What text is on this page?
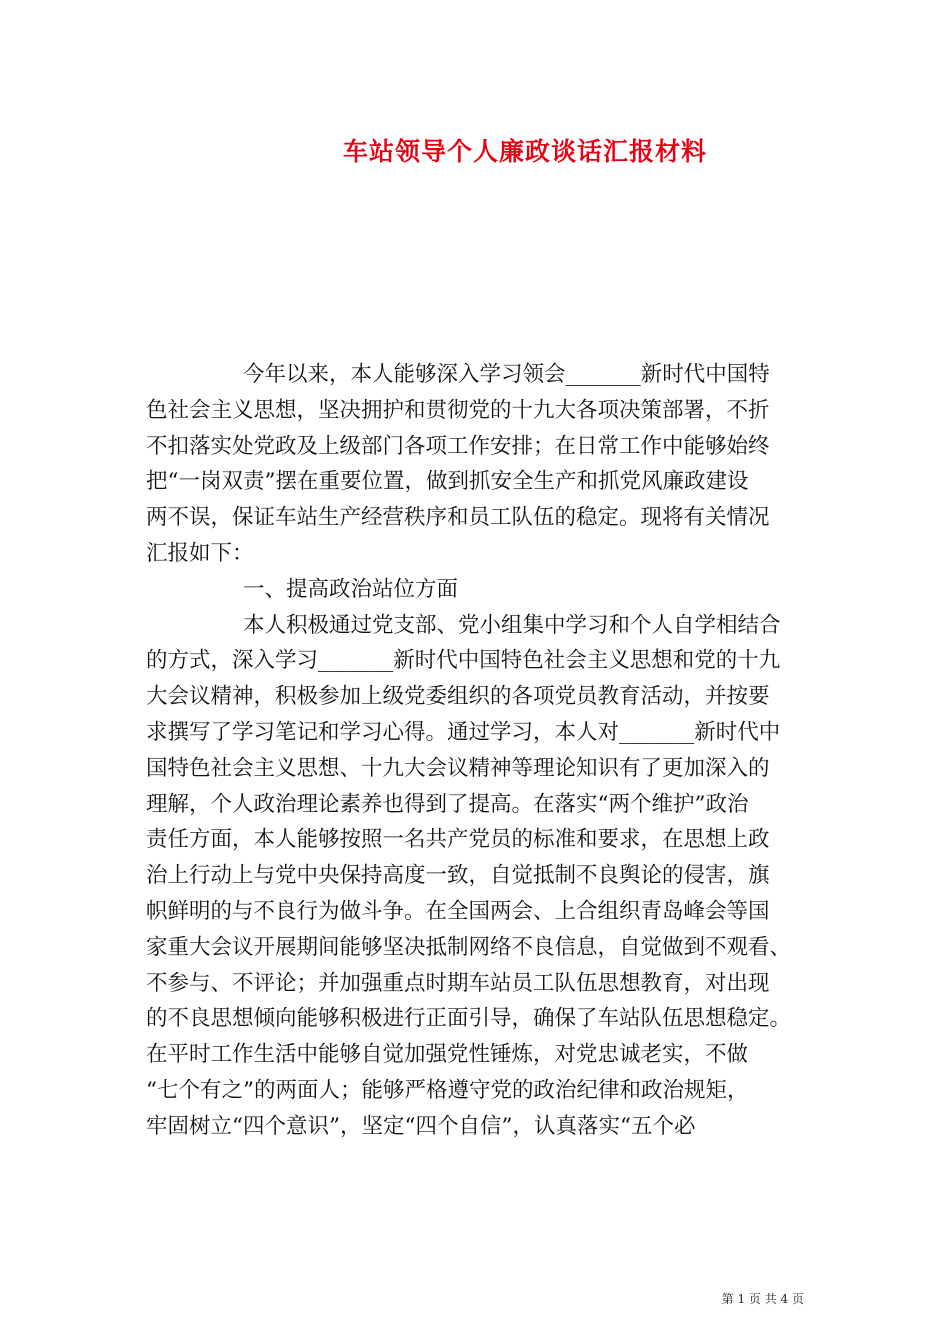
车站领导个人廉政谈话汇报材料
今年以来，本人能够深入学习领会_______新时代中国特
色社会主义思想，坚决拥护和贯彻党的十九大各项决策部署，不折
不扣落实处党政及上级部门各项工作安排；在日常工作中能够始终
把“一岗双责”摆在重要位置，做到抓安全生产和抓党风廉政建设
两不误，保证车站生产经营秩序和员工队伍的稳定。现将有关情况
汇报如下：
一、提高政治站位方面
本人积极通过党支部、党小组集中学习和个人自学相结合
的方式，深入学习_______新时代中国特色社会主义思想和党的十九
大会议精神，积极参加上级党委组织的各项党员教育活动，并按要
求撰写了学习笔记和学习心得。通过学习，本人对_______新时代中
国特色社会主义思想、十九大会议精神等理论知识有了更加深入的
理解，个人政治理论素养也得到了提高。在落实“两个维护”政治
责任方面，本人能够按照一名共产党员的标准和要求，在思想上政
治上行动上与党中央保持高度一致，自觉抵制不良舆论的侵害，旗
帜鲜明的与不良行为做斗争。在全国两会、上合组织青岛峰会等国
家重大会议开展期间能够坚决抵制网络不良信息，自觉做到不观看、
不参与、不评论；并加强重点时期车站员工队伍思想教育，对出现
的不良思想倾向能够积极进行正面引导，确保了车站队伍思想稳定。
在平时工作生活中能够自觉加强党性锤炼，对党忠诚老实，不做
“七个有之”的两面人；能够严格遵守党的政治纪律和政治规矩，
牢固树立“四个意识”，坚定“四个自信”，认真落实“五个必
第 1 页 共 4 页
